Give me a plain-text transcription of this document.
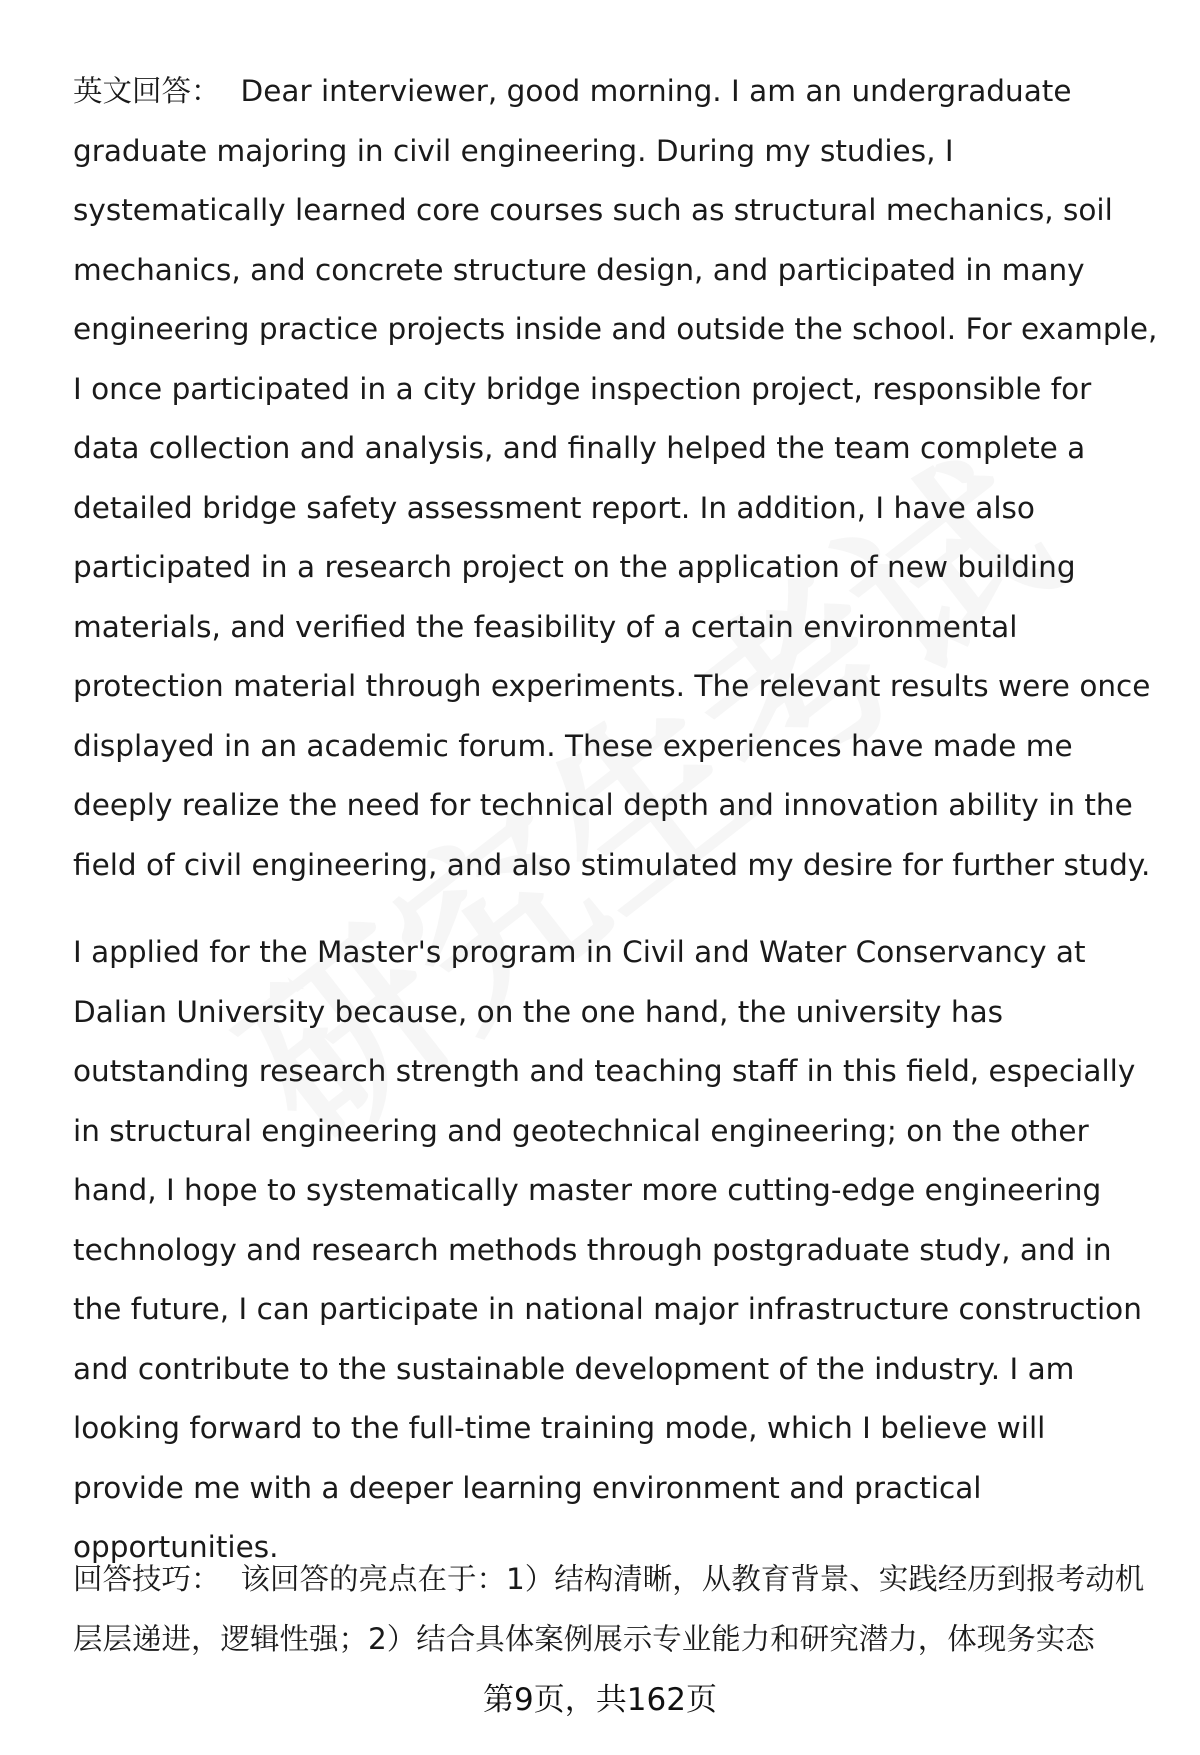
英文回答： Dear interviewer, good morning. I am an undergraduate graduate majoring in civil engineering. During my studies, I systematically learned core courses such as structural mechanics, soil mechanics, and concrete structure design, and participated in many engineering practice projects inside and outside the school. For example, I once participated in a city bridge inspection project, responsible for data collection and analysis, and finally helped the team complete a detailed bridge safety assessment report. In addition, I have also participated in a research project on the application of new building materials, and verified the feasibility of a certain environmental protection material through experiments. The relevant results were once displayed in an academic forum. These experiences have made me deeply realize the need for technical depth and innovation ability in the field of civil engineering, and also stimulated my desire for further study.

I applied for the Master's program in Civil and Water Conservancy at Dalian University because, on the one hand, the university has outstanding research strength and teaching staff in this field, especially in structural engineering and geotechnical engineering; on the other hand, I hope to systematically master more cutting-edge engineering technology and research methods through postgraduate study, and in the future, I can participate in national major infrastructure construction and contribute to the sustainable development of the industry. I am looking forward to the full-time training mode, which I believe will provide me with a deeper learning environment and practical opportunities.

回答技巧： 该回答的亮点在于：1）结构清晰，从教育背景、实践经历到报考动机层层递进，逻辑性强；2）结合具体案例展示专业能力和研究潜力，体现务实态

第9页，共162页
